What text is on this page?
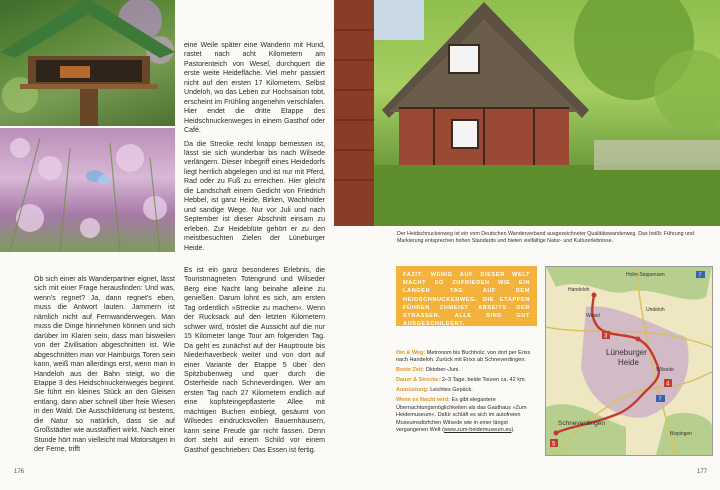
Ob sich einer als Wanderpartner eignet, lässt sich mit einer Frage herausfinden: Und was, wenn's regnet? Ja, dann regnet's eben, muss die Antwort lauten. Jammern ist nämlich nicht auf Fernwanderwegen. Man muss die Dinge hinnehmen können und sich darüber im Klaren sein, dass man bisweilen von der Zivilisation abgeschnitten ist. Wie abgeschnitten man vor Hamburgs Toren sein kann, weiß man allerdings erst, wenn man in Handeloh aus der Bahn steigt, wo die Etappe 3 des Heidschnuckenweges beginnt. Sie führt ein kleines Stück an den Gleisen entlang, dann aber schnell über freie Wiesen in den Wald. Die Ausschilderung ist bestens, die Natur so natürlich, dass sie auf Großstädter wie ausstaffiert wirkt. Nach einer Stunde hört man vielleicht mal Motorsägen in der Ferne, trifft

eine Weile später eine Wanderin mit Hund, rastet nach acht Kilometern am Pastorenteich von Wesel, durchquert die erste weite Heidefläche. Viel mehr passiert nicht auf den ersten 17 Kilometern. Selbst Undeloh, wo das Leben zur Hochsaison tobt, erscheint im Frühling angenehm verschlafen. Hier endet die dritte Etappe des Heidschnuckenweges in einem Gasthof oder Café.

Da die Strecke recht knapp bemessen ist, lässt sie sich wunderbar bis nach Wilsede verlängern. Dieser Inbegriff eines Heidedorfs liegt herrlich abgelegen und ist nur mit Pferd, Rad oder zu Fuß zu erreichen. Hier gleicht die Landschaft einem Gedicht von Friedrich Hebbel, ist ganz Heide, Birken, Wachholder und sandige Wege. Nur vor Juli und nach September ist dieser Abschnitt einsam zu erleben. Zur Heideblüte gehört er zu den meistbesuchten Zielen der Lüneburger Heide.

Es ist ein ganz besonderes Erlebnis, die Touristmagneten Totengrund und Wilseder Berg eine Nacht lang beinahe alleine zu genießen. Darum lohnt es sich, am ersten Tag ordentlich »Strecke zu machen«. Wenn der Rucksack auf den letzten Kilometern schwer wird, tröstet die Aussicht auf die nur 15 Kilometer lange Tour am folgenden Tag. Da geht es zunächst auf der Hauptroute bis Niederhaverbeck weiter und von dort auf einer Variante der Etappe 5 über den Spitzbubenweg und quer durch die Osterheide nach Schneverdingen. Wer am ersten Tag nach 27 Kilometern endlich auf eine kopfsteingepflasterte Allee mit mächtigen Buchen einbiegt, gesäumt von Wilsedes eindrucksvollen Bauernhäusern, kann seine Freude gar nicht fassen. Denn dort steht auf einem Schild vor einem Gasthof geschrieben: Das Essen ist fertig.

176
Der Heidschnuckenweg ist ein vom Deutschen Wanderverband ausgezeichneter Qualitätswanderweg. Das heißt: Führung und Markierung entsprechen hohen Standards und bieten vielfältige Natur- und Kulturerlebnisse.
FAZIT: WENIG AUF DIESER WELT MACHT SO ZUFRIEDEN WIE EIN LANGER TAG AUF DEM HEIDSCHNUCKENWEG. DIE ETAPPEN FÜHREN ZUMEIST ABSEITS DER STRASSEN. ALLE SIND GUT AUSGESCHILDERT.
Hin & Weg: Metronom bis Buchholz, von dort per Erixx nach Handeloh. Zurück mit Erixx ab Schneverdingen.
Beste Zeit: Oktober–Juni.
Dauer & Strecke: 2–3 Tage, beide Touren ca. 42 km.
Ausrüstung: Leichtes Gepäck.
Wenn es Nacht wird: Es gibt elegantere Übernachtungsmöglichkeiten als das Gasthaus »Zum Heidemuseum«. Dafür schläft es sich im autofreien Museumsdörfchen Wilsede wie in einer längst vergangenen Welt (www.zum-heidemuseum.eu).
Holm-Seppensen
Handeloh
Wesel
Undeloh
Lüneburger
Heide
Wilsede
Schneverdingen
Bispingen
3
4
5
7
7
177
